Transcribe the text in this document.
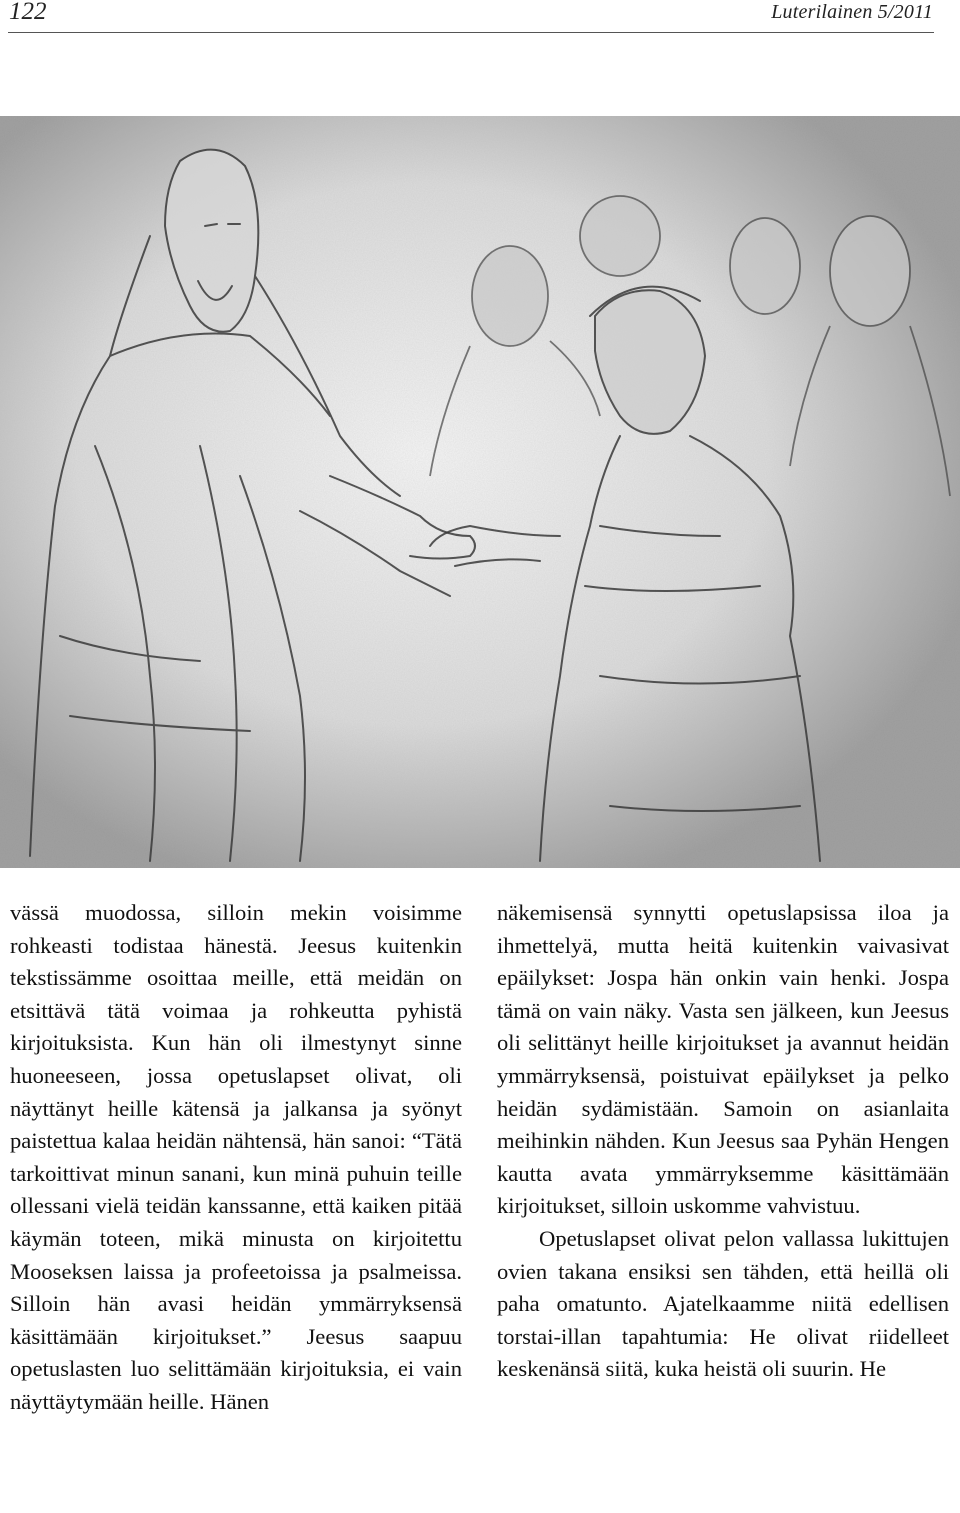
122	Luterilainen 5/2011

vässä muodossa, silloin mekin voisimme rohkeasti todistaa hänestä. Jeesus kuitenkin tekstissämme osoittaa meille, että meidän on etsittävä tätä voimaa ja rohkeutta pyhistä kirjoituksista. Kun hän oli ilmestynyt sinne huoneeseen, jossa opetuslapset olivat, oli näyttänyt heille kätensä ja jalkansa ja syönyt paistettua kalaa heidän nähtensä, hän sanoi: “Tätä tarkoittivat minun sanani, kun minä puhuin teille ollessani vielä teidän kanssanne, että kaiken pitää käymän toteen, mikä minusta on kirjoitettu Mooseksen laissa ja profeetoissa ja psalmeissa. Silloin hän avasi heidän ymmärryksensä käsittämään kirjoitukset.” Jeesus saapuu opetuslasten luo selittämään kirjoituksia, ei vain näyttäytymään heille. Hänen

näkemisensä synnytti opetuslapsissa iloa ja ihmettelyä, mutta heitä kuitenkin vaivasivat epäilykset: Jospa hän onkin vain henki. Jospa tämä on vain näky. Vasta sen jälkeen, kun Jeesus oli selittänyt heille kirjoitukset ja avannut heidän ymmärryksensä, poistuivat epäilykset ja pelko heidän sydämistään. Samoin on asianlaita meihinkin nähden. Kun Jeesus saa Pyhän Hengen kautta avata ymmärryksemme käsittämään kirjoitukset, silloin uskomme vahvistuu.

Opetuslapset olivat pelon vallassa lukittujen ovien takana ensiksi sen tähden, että heillä oli paha omatunto. Ajatelkaamme niitä edellisen torstai-illan tapahtumia: He olivat riidelleet keskenänsä siitä, kuka heistä oli suurin. He
